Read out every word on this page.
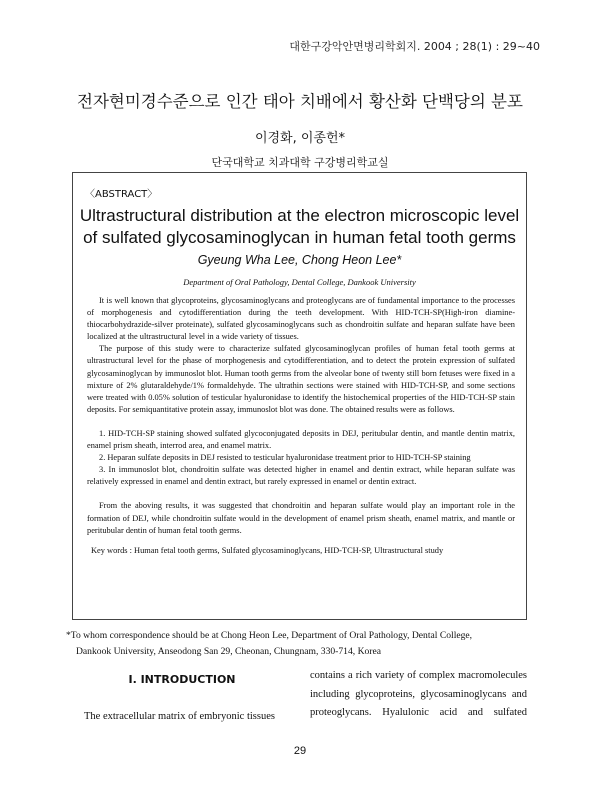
대한구강악안면병리학회지. 2004 ; 28(1) : 29~40
전자현미경수준으로 인간 태아 치배에서 황산화 단백당의 분포
이경화, 이종헌*
단국대학교 치과대학 구강병리학교실
〈ABSTRACT〉
Ultrastructural distribution at the electron microscopic level of sulfated glycosaminoglycan in human fetal tooth germs
Gyeung Wha Lee, Chong Heon Lee*
Department of Oral Pathology, Dental College, Dankook University

It is well known that glycoproteins, glycosaminoglycans and proteoglycans are of fundamental importance to the processes of morphogenesis and cytodifferentiation during the teeth development. With HID-TCH-SP(High-iron diamine-thiocarbohydrazide-silver proteinate), sulfated glycosaminoglycans such as chondroitin sulfate and heparan sulfate have been localized at the ultrastructural level in a wide variety of tissues.

The purpose of this study were to characterize sulfated glycosaminoglycan profiles of human fetal tooth germs at ultrastructural level for the phase of morphogenesis and cytodifferentiation, and to detect the protein expression of sulfated glycosaminoglycan by immunoslot blot. Human tooth germs from the alveolar bone of twenty still born fetuses were fixed in a mixture of 2% glutaraldehyde/1% formaldehyde. The ultrathin sections were stained with HID-TCH-SP, and some sections were treated with 0.05% solution of testicular hyaluronidase to identify the histochemical properties of the HID-TCH-SP stain deposits. For semiquantitative protein assay, immunoslot blot was done. The obtained results were as follows.

1. HID-TCH-SP staining showed sulfated glycoconjugated deposits in DEJ, peritubular dentin, and mantle dentin matrix, enamel prism sheath, interrod area, and enamel matrix.

2. Heparan sulfate deposits in DEJ resisted to testicular hyaluronidase treatment prior to HID-TCH-SP staining

3. In immunoslot blot, chondroitin sulfate was detected higher in enamel and dentin extract, while heparan sulfate was relatively expressed in enamel and dentin extract, but rarely expressed in enamel or dentin extract.

From the aboving results, it was suggested that chondroitin and heparan sulfate would play an important role in the formation of DEJ, while chondroitin sulfate would in the development of enamel prism sheath, enamel matrix, and mantle or peritubular dentin of human fetal tooth germs.

Key words : Human fetal tooth germs, Sulfated glycosaminoglycans, HID-TCH-SP, Ultrastructural study

*To whom correspondence should be at Chong Heon Lee, Department of Oral Pathology, Dental College,
Dankook University, Anseodong San 29, Cheonan, Chungnam, 330-714, Korea
I. INTRODUCTION
The extracellular matrix of embryonic tissues
contains a rich variety of complex macromolecules including glycoproteins, glycosaminoglycans and proteoglycans. Hyalulonic acid and sulfated
29
